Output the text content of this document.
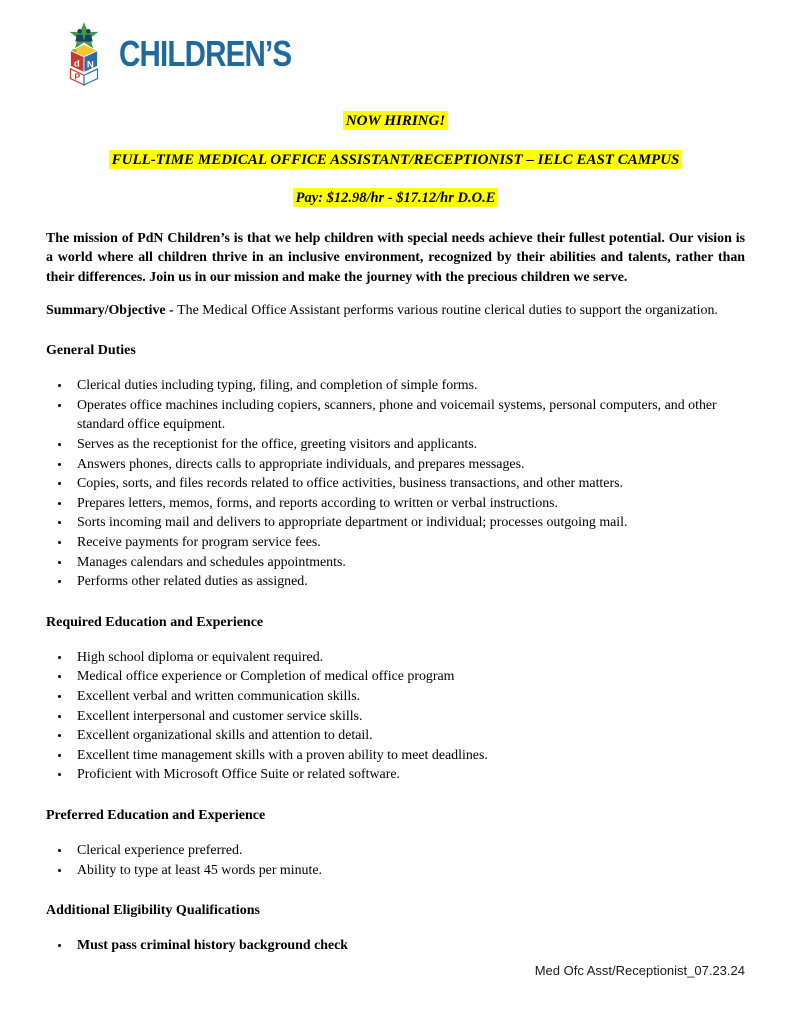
d N
P
CHILDREN’S

NOW HIRING!

FULL-TIME MEDICAL OFFICE ASSISTANT/RECEPTIONIST – IELC EAST CAMPUS

Pay: $12.98/hr - $17.12/hr D.O.E

The mission of PdN Children’s is that we help children with special needs achieve their fullest potential. Our vision is a world where all children thrive in an inclusive environment, recognized by their abilities and talents, rather than their differences. Join us in our mission and make the journey with the precious children we serve.

Summary/Objective - The Medical Office Assistant performs various routine clerical duties to support the organization.

General Duties
• Clerical duties including typing, filing, and completion of simple forms.
• Operates office machines including copiers, scanners, phone and voicemail systems, personal computers, and other standard office equipment.
• Serves as the receptionist for the office, greeting visitors and applicants.
• Answers phones, directs calls to appropriate individuals, and prepares messages.
• Copies, sorts, and files records related to office activities, business transactions, and other matters.
• Prepares letters, memos, forms, and reports according to written or verbal instructions.
• Sorts incoming mail and delivers to appropriate department or individual; processes outgoing mail.
• Receive payments for program service fees.
• Manages calendars and schedules appointments.
• Performs other related duties as assigned.
Required Education and Experience
• High school diploma or equivalent required.
• Medical office experience or Completion of medical office program
• Excellent verbal and written communication skills.
• Excellent interpersonal and customer service skills.
• Excellent organizational skills and attention to detail.
• Excellent time management skills with a proven ability to meet deadlines.
• Proficient with Microsoft Office Suite or related software.
Preferred Education and Experience
• Clerical experience preferred.
• Ability to type at least 45 words per minute.
Additional Eligibility Qualifications
• Must pass criminal history background check
Med Ofc Asst/Receptionist_07.23.24
